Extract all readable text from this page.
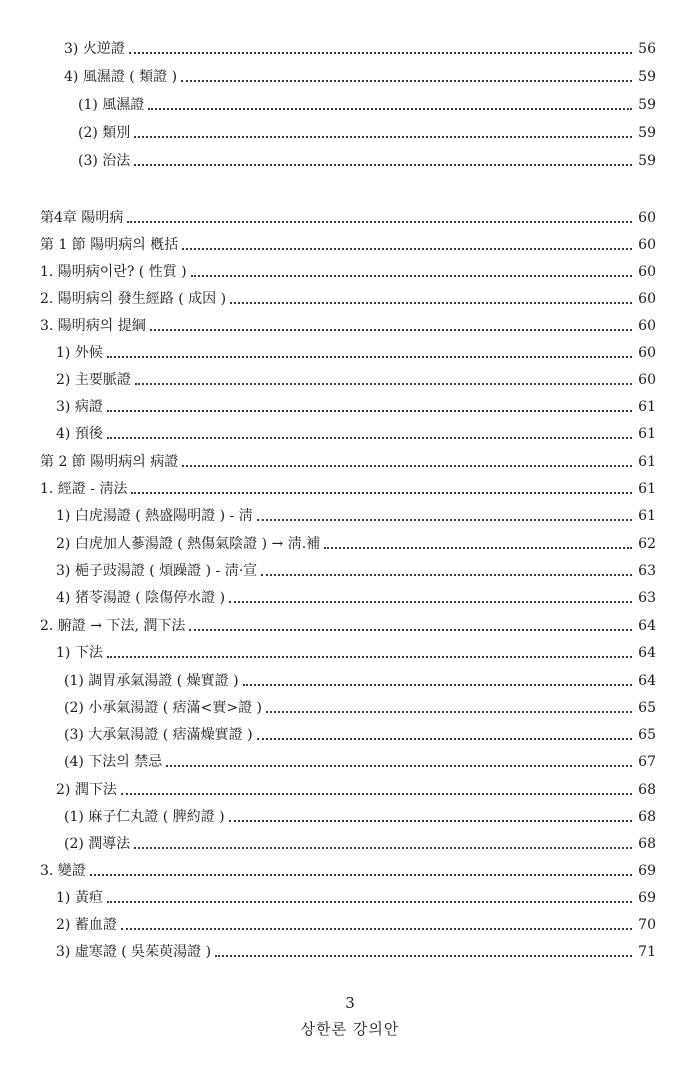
3) 火逆證	56
4) 風濕證 ( 類證 )	59
(1) 風濕證	59
(2) 類別	59
(3) 治法	59
第4章 陽明病	60
第 1 節 陽明病의 槪括	60
1. 陽明病이란? ( 性質 )	60
2. 陽明病의 發生經路 ( 成因 )	60
3. 陽明病의 提綱	60
1) 外候	60
2) 主要脈證	60
3) 病證	61
4) 預後	61
第 2 節 陽明病의 病證	61
1. 經證 - 淸法	61
1) 白虎湯證 ( 熱盛陽明證 ) - 淸	61
2) 白虎加人蔘湯證 ( 熱傷氣陰證 ) → 淸.補	62
3) 梔子豉湯證 ( 煩躁證 ) - 淸·宣	63
4) 猪苓湯證 ( 陰傷停水證 )	63
2. 腑證 → 下法, 潤下法	64
1) 下法	64
(1) 調胃承氣湯證 ( 燥實證 )	64
(2) 小承氣湯證 ( 痞滿<實>證 )	65
(3) 大承氣湯證 ( 痞滿燥實證 )	65
(4) 下法의 禁忌	67
2) 潤下法	68
(1) 麻子仁丸證 ( 脾約證 )	68
(2) 潤導法	68
3. 變證	69
1) 黃疸	69
2) 蓄血證	70
3) 虛寒證 ( 吳茱萸湯證 )	71
3
상한론 강의안
